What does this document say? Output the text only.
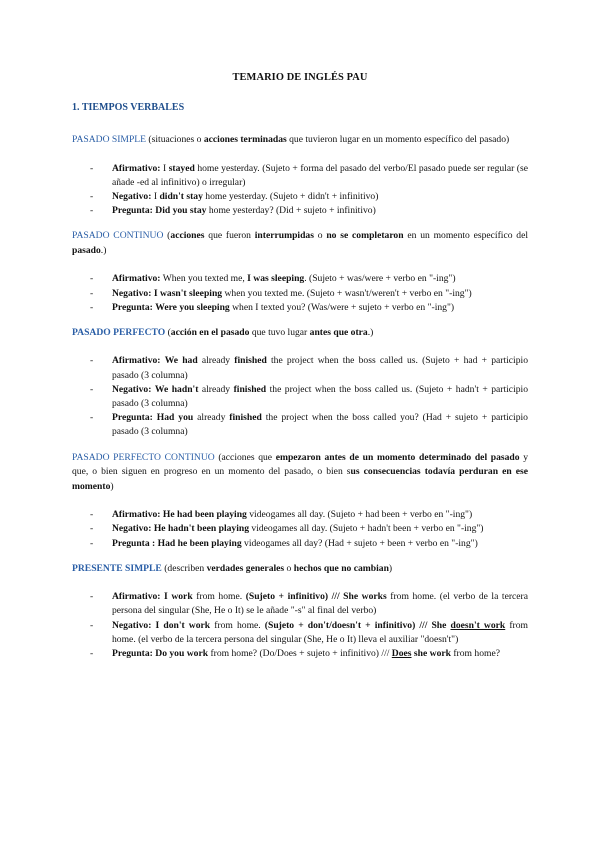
TEMARIO DE INGLÉS PAU
1. TIEMPOS VERBALES

PASADO SIMPLE (situaciones o acciones terminadas que tuvieron lugar en un momento específico del pasado)

- Afirmativo: I stayed home yesterday. (Sujeto + forma del pasado del verbo/El pasado puede ser regular (se añade -ed al infinitivo) o irregular)
- Negativo: I didn't stay home yesterday. (Sujeto + didn't + infinitivo)
- Pregunta: Did you stay home yesterday? (Did + sujeto + infinitivo)

PASADO CONTINUO (acciones que fueron interrumpidas o no se completaron en un momento específico del pasado.)

- Afirmativo: When you texted me, I was sleeping. (Sujeto + was/were + verbo en "-ing")
- Negativo: I wasn't sleeping when you texted me. (Sujeto + wasn't/weren't + verbo en "-ing")
- Pregunta: Were you sleeping when I texted you? (Was/were + sujeto + verbo en "-ing")

PASADO PERFECTO (acción en el pasado que tuvo lugar antes que otra.)

- Afirmativo: We had already finished the project when the boss called us. (Sujeto + had + participio pasado (3 columna)
- Negativo: We hadn't already finished the project when the boss called us. (Sujeto + hadn't + participio pasado (3 columna)
- Pregunta: Had you already finished the project when the boss called you? (Had + sujeto + participio pasado (3 columna)

PASADO PERFECTO CONTINUO (acciones que empezaron antes de un momento determinado del pasado y que, o bien siguen en progreso en un momento del pasado, o bien sus consecuencias todavía perduran en ese momento)

- Afirmativo: He had been playing videogames all day. (Sujeto + had been + verbo en "-ing")
- Negativo: He hadn't been playing videogames all day. (Sujeto + hadn't been + verbo en "-ing")
- Pregunta : Had he been playing videogames all day? (Had + sujeto + been + verbo en "-ing")

PRESENTE SIMPLE (describen verdades generales o hechos que no cambian)

- Afirmativo: I work from home. (Sujeto + infinitivo) /// She works from home. (el verbo de la tercera persona del singular (She, He o It) se le añade "-s" al final del verbo)
- Negativo: I don't work from home. (Sujeto + don't/doesn't + infinitivo) /// She doesn't work from home. (el verbo de la tercera persona del singular (She, He o It) lleva el auxiliar "doesn't")
- Pregunta: Do you work from home? (Do/Does + sujeto + infinitivo) /// Does she work from home?
